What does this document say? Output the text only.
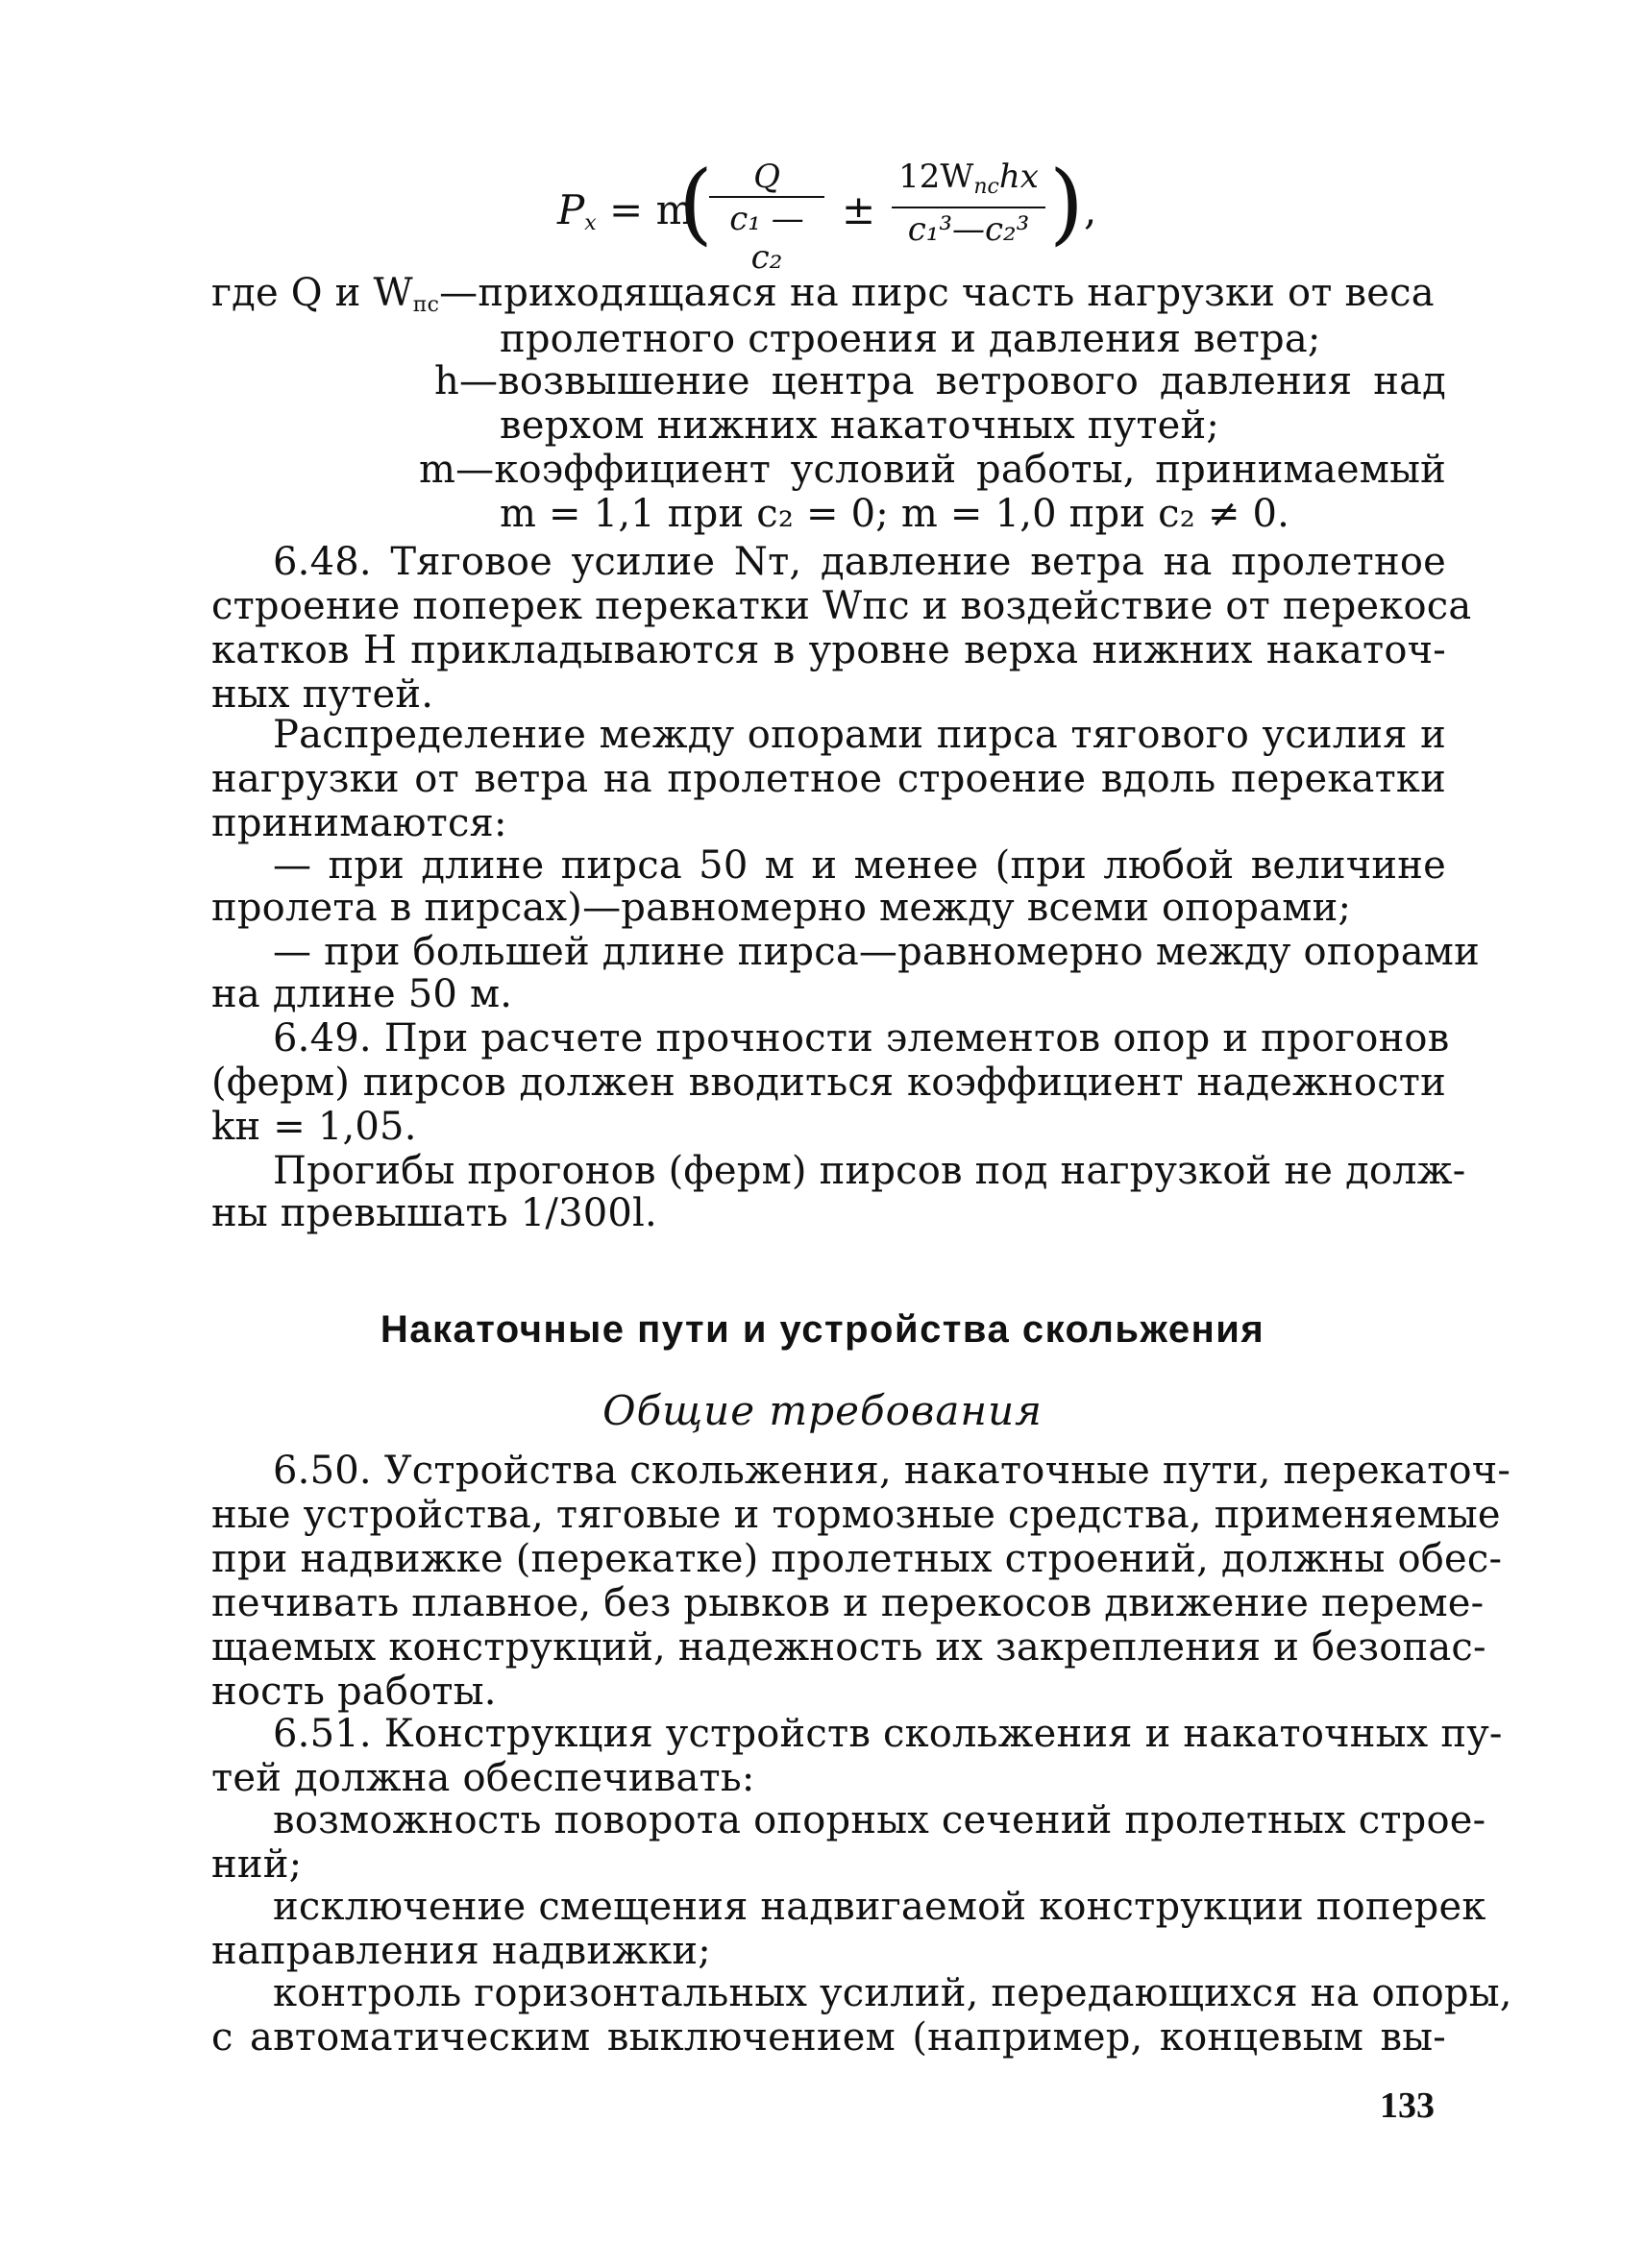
$P_x = m$
(
$\frac{Q}{\text{c₁ — c₂}}$ ±
$12W_{пс}hx$
c₁³—c₂³ ) ,
где Q и $W_{пс}—приходящаяся$ на пирс часть нагрузки от веса
пролетного строения и давления ветра;
h—возвышение центра ветрового давления над
верхом нижних накаточных путей;
m—коэффициент условий работы, принимаемый
m = 1,1 при c₂ = 0; m = 1,0 при c₂ ≠ 0.
6.48. Тяговое усилие Nт, давление ветра на пролетное
строение поперек перекатки Wпс и воздействие от перекоса
катков H прикладываются в уровне верха нижних накаточ-
ных путей.
Распределение между опорами пирса тягового усилия и
нагрузки от ветра на пролетное строение вдоль перекатки
принимаются:
— при длине пирса 50 м и менее (при любой величине
пролета в пирсах)—равномерно между всеми опорами;
— при большей длине пирса—равномерно между опорами
на длине 50 м.
6.49. При расчете прочности элементов опор и прогонов
(ферм) пирсов должен вводиться коэффициент надежности
kн = 1,05.
Прогибы прогонов (ферм) пирсов под нагрузкой не долж-
ны превышать 1/300l.
Накаточные пути и устройства скольжения
Общие требования
6.50. Устройства скольжения, накаточные пути, перекаточ-
ные устройства, тяговые и тормозные средства, применяемые
при надвижке (перекатке) пролетных строений, должны обес-
печивать плавное, без рывков и перекосов движение переме-
щаемых конструкций, надежность их закрепления и безопас-
ность работы.
6.51. Конструкция устройств скольжения и накаточных пу-
тей должна обеспечивать:
возможность поворота опорных сечений пролетных строе-
ний;
исключение смещения надвигаемой конструкции поперек
направления надвижки;
контроль горизонтальных усилий, передающихся на опоры,
с автоматическим выключением (например, концевым вы-
133
